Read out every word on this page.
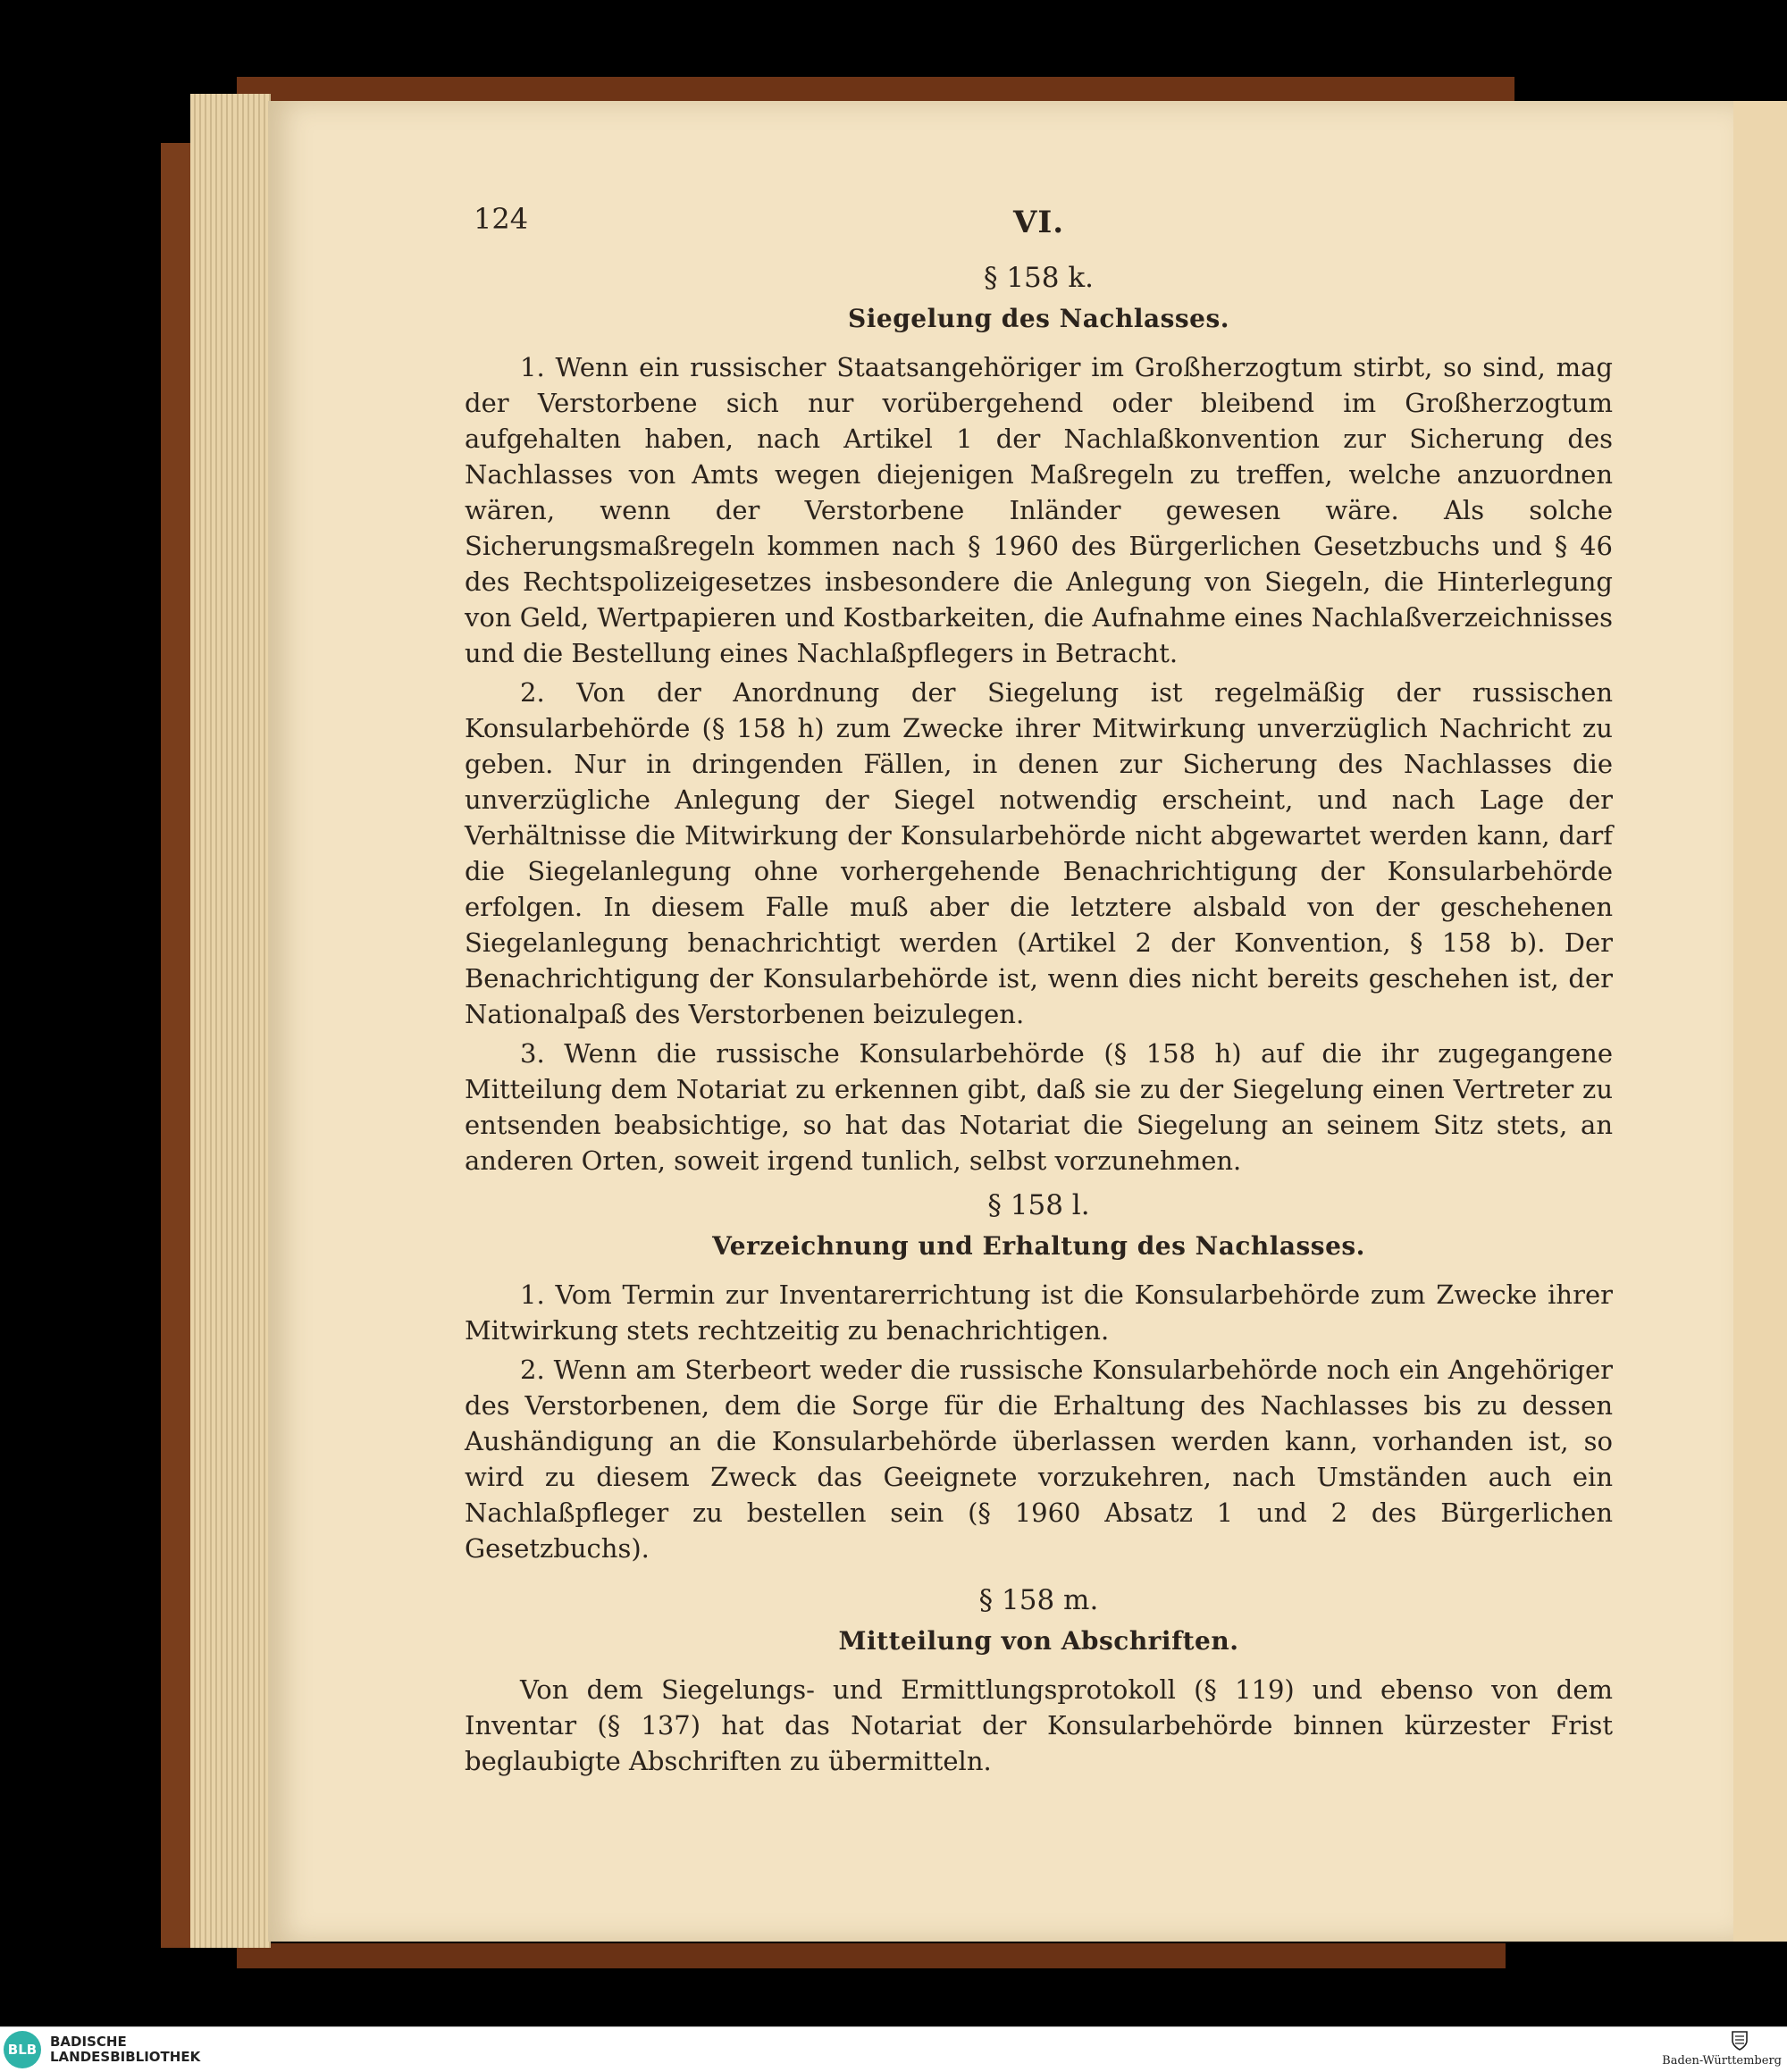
124	VI.
§ 158 k.
Siegelung des Nachlasses.

1. Wenn ein russischer Staatsangehöriger im Großherzogtum stirbt, so sind, mag der Verstorbene sich nur vorübergehend oder bleibend im Großherzogtum aufgehalten haben, nach Artikel 1 der Nachlaßkonvention zur Sicherung des Nachlasses von Amts wegen diejenigen Maßregeln zu treffen, welche anzuordnen wären, wenn der Verstorbene Inländer gewesen wäre. Als solche Sicherungsmaßregeln kommen nach § 1960 des Bürgerlichen Gesetzbuchs und § 46 des Rechtspolizeigesetzes insbesondere die Anlegung von Siegeln, die Hinterlegung von Geld, Wertpapieren und Kostbarkeiten, die Aufnahme eines Nachlaßverzeichnisses und die Bestellung eines Nachlaßpflegers in Betracht.

2. Von der Anordnung der Siegelung ist regelmäßig der russischen Konsularbehörde (§ 158 h) zum Zwecke ihrer Mitwirkung unverzüglich Nachricht zu geben. Nur in dringenden Fällen, in denen zur Sicherung des Nachlasses die unverzügliche Anlegung der Siegel notwendig erscheint, und nach Lage der Verhältnisse die Mitwirkung der Konsularbehörde nicht abgewartet werden kann, darf die Siegelanlegung ohne vorhergehende Benachrichtigung der Konsularbehörde erfolgen. In diesem Falle muß aber die letztere alsbald von der geschehenen Siegelanlegung benachrichtigt werden (Artikel 2 der Konvention, § 158 b). Der Benachrichtigung der Konsularbehörde ist, wenn dies nicht bereits geschehen ist, der Nationalpaß des Verstorbenen beizulegen.

3. Wenn die russische Konsularbehörde (§ 158 h) auf die ihr zugegangene Mitteilung dem Notariat zu erkennen gibt, daß sie zu der Siegelung einen Vertreter zu entsenden beabsichtige, so hat das Notariat die Siegelung an seinem Sitz stets, an anderen Orten, soweit irgend tunlich, selbst vorzunehmen.

§ 158 l.
Verzeichnung und Erhaltung des Nachlasses.

1. Vom Termin zur Inventarerrichtung ist die Konsularbehörde zum Zwecke ihrer Mitwirkung stets rechtzeitig zu benachrichtigen.

2. Wenn am Sterbeort weder die russische Konsularbehörde noch ein Angehöriger des Verstorbenen, dem die Sorge für die Erhaltung des Nachlasses bis zu dessen Aushändigung an die Konsularbehörde überlassen werden kann, vorhanden ist, so wird zu diesem Zweck das Geeignete vorzukehren, nach Umständen auch ein Nachlaßpfleger zu bestellen sein (§ 1960 Absatz 1 und 2 des Bürgerlichen Gesetzbuchs).

§ 158 m.
Mitteilung von Abschriften.

Von dem Siegelungs- und Ermittlungsprotokoll (§ 119) und ebenso von dem Inventar (§ 137) hat das Notariat der Konsularbehörde binnen kürzester Frist beglaubigte Abschriften zu übermitteln.

BLB BADISCHE
LANDESBIBLIOTHEK	Baden-Württemberg
